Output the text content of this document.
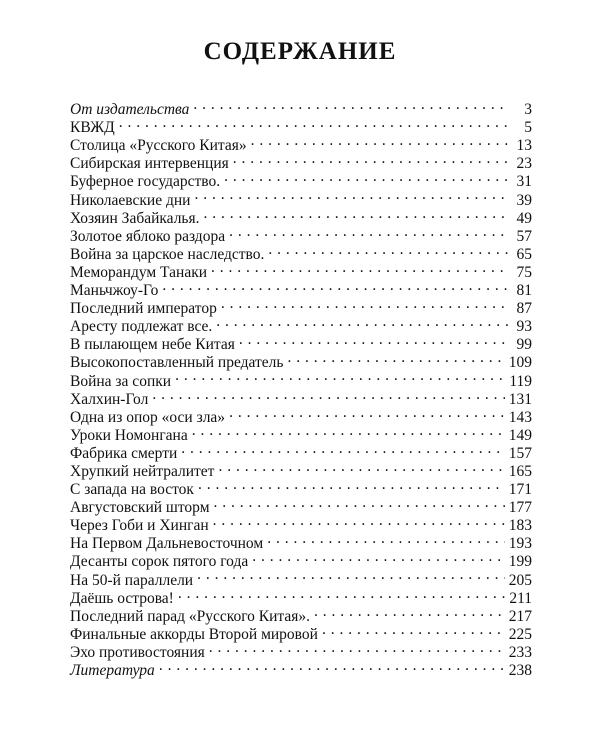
СОДЕРЖАНИЕ
От издательства . . .	3
КВЖД . . .	5
Столица «Русского Китая» . . .	13
Сибирская интервенция . . .	23
Буферное государство. . . .	31
Николаевские дни . . .	39
Хозяин Забайкалья. . . .	49
Золотое яблоко раздора . . .	57
Война за царское наследство. . . .	65
Меморандум Танаки . . .	75
Маньчжоу-Го . . .	81
Последний император . . .	87
Аресту подлежат все. . . .	93
В пылающем небе Китая . . .	99
Высокопоставленный предатель . . .	109
Война за сопки . . .	119
Халхин-Гол . . .	131
Одна из опор «оси зла» . . .	143
Уроки Номонгана . . .	149
Фабрика смерти . . .	157
Хрупкий нейтралитет . . .	165
С запада на восток . . .	171
Августовский шторм . . .	177
Через Гоби и Хинган . . .	183
На Первом Дальневосточном . . .	193
Десанты сорок пятого года . . .	199
На 50-й параллели . . .	205
Даёшь острова! . . .	211
Последний парад «Русского Китая». . . .	217
Финальные аккорды Второй мировой . . .	225
Эхо противостояния . . .	233
Литература . . .	238
